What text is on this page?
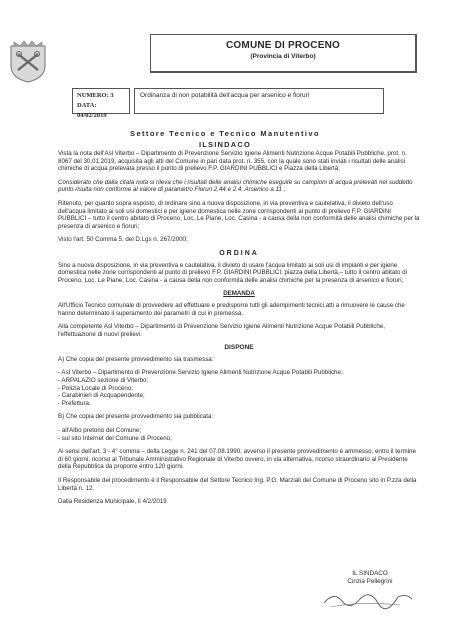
COMUNE DI PROCENO
(Provincia di Viterbo)
NUMERO: 3
DATA: 04/02/2019
Ordinanza di non potabilità dell'acqua per arsenico e fioruri
Settore Tecnico e Tecnico Manutentivo
ILSINDACO

Vista la nota dell'Asl Viterbo – Dipartimento di Prevenzione Servizio Igiene Alimenti Nutrizione Acque Potabili Pubbliche, prot. n. 8067 del 30.01.2019, acquisita agli atti del Comune in pari data prot. n. 355, con la quale sono stati inviati i risultati delle analisi chimiche di acqua prelevata presso il punto di prelievo F.P. GIARDINI PUBBLICI e Piazza della Libertà;

Considerato che dalla citata nota si rileva che i risultati delle analisi chimiche eseguite su campioni di acqua prelevati nel suddetto punto risulta non conforme al valore di parametro Floruri 2,44 e 2.4, Arsenico a 11 ;

Ritenuto, per quanto sopra esposto, di ordinare sino a nuova disposizione, in via preventiva e cautelativa, il divieto dell'uso dell'acqua limitato ai soli usi domestici e per igiene domestica nelle zone corrispondenti al punto di prelievo F.P. GIARDINI PUBBLICI – tutto il centro abitato di Proceno, Loc. Le Piane, Loc. Casina - a causa della non conformità delle analisi chimiche per la presenza di arsenico e fioruri;

Visto l'art. 50 Comma 5, del D.Lgs n. 267/2000;

ORDINA

Sino a nuova disposizione, in via preventiva e cautelativa, il divieto di usare l'acqua limitato ai soli usi di impianti e per igiene domestica nelle zone corrispondenti al punto di prelievo F.P. GIARDINI PUBBLICI, piazza della Libertà,– tutto il centro abitato di Proceno, Loc. Le Piane, Loc. Casina - a causa della non conformità delle analisi chimiche per la presenza di arsenico e fioruri;

DEMANDA

All'Ufficio Tecnico comunale di provvedere ad effettuare e predisporre tutti gli adempimenti tecnici atti a rimuovere le cause che hanno determinato il superamento dei parametri di cui in premessa.

Alla competente Asl Viterbo – Dipartimento di Prevenzione Servizio Igiene Alimenti Nutrizione Acque Potabili Pubbliche, l'effettuazione di nuovi prelievi.

DISPONE

A) Che copia del presente provvedimento sia trasmessa:

- Asl Viterbo – Dipartimento di Prevenzione Servizio Igiene Alimenti Nutrizione Acque Potabili Pubbliche;
- ARPALAZIO sezione di Viterbo;
- Polizia Locale di Proceno;
- Carabinieri di Acquapendente;
- Prefettura.

B) Che copia del presente provvedimento sia pubblicata:

- all'Albo pretorio del Comune;
- sul sito Internet del Comune di Proceno;

Ai sensi dell'art. 3 - 4° comma – della Legge n. 241 del 07.08.1990, avverso il presente provvedimento è ammesso, entro il termine di 60 giorni, ricorso al Tribunale Amministrativo Regionale di Viterbo ovvero, in via alternativa, ricorso straordinario al Presidente della Repubblica da proporre entro 120 giorni.

Il Responsabile del procedimento è il Responsabile del Settore Tecnico Ing. P.G. Marziali del Comune di Proceno sito in P.zza della Libertà n. 12.

Dalla Residenza Municipale, lì 4/2/2019

IL SINDACO
Cinzia Pellegrini
